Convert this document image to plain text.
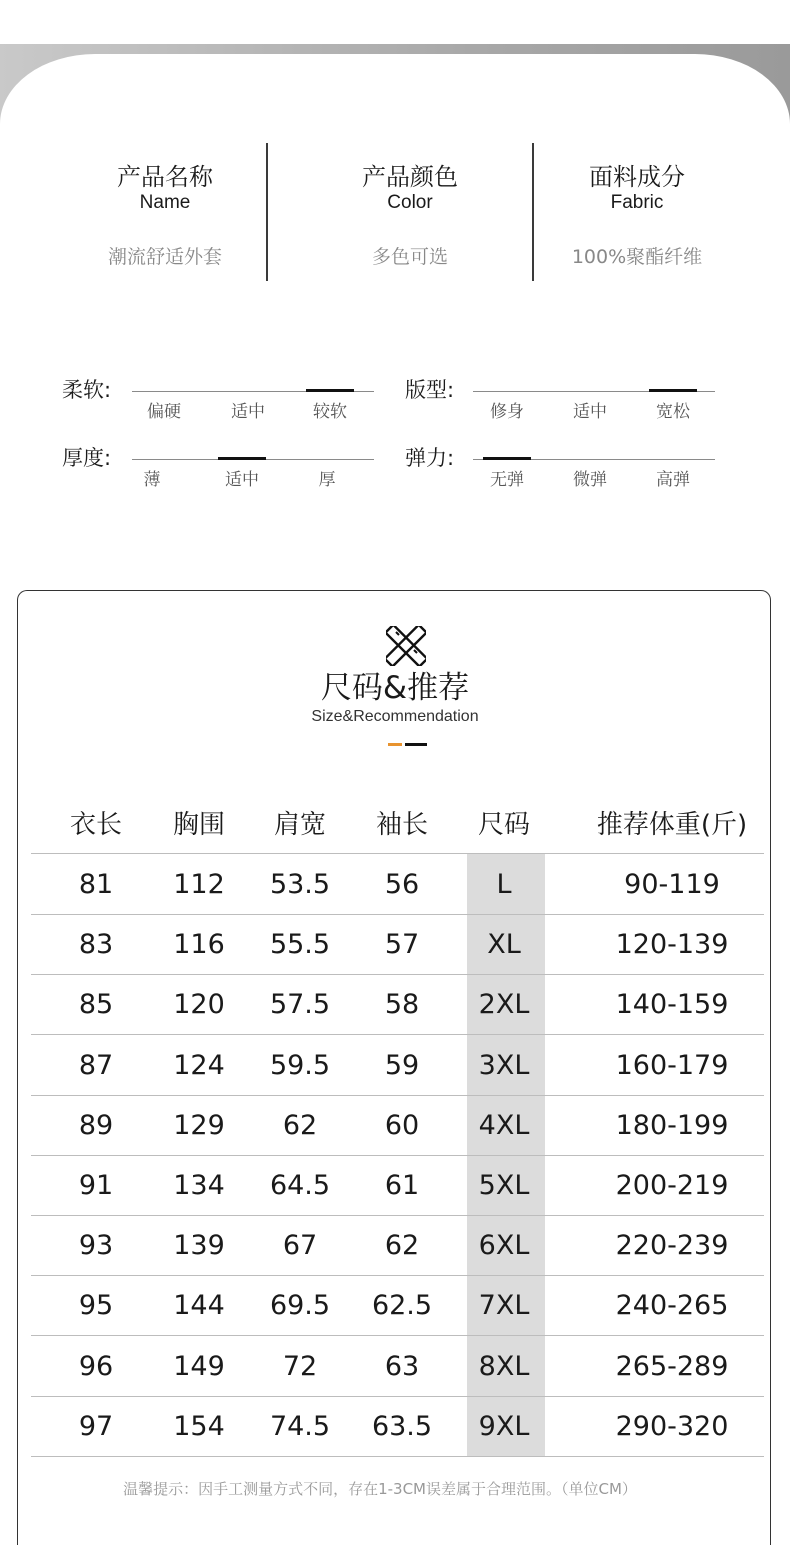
产品名称
Name
潮流舒适外套
产品颜色
Color
多色可选
面料成分
Fabric
100%聚酯纤维
柔软:
偏硬	适中	较软
版型:
修身	适中	宽松
厚度:
薄	适中	厚
弹力:
无弹	微弹	高弹
尺码&推荐
Size&Recommendation
衣长	胸围	肩宽	袖长	尺码	推荐体重(斤)
81	112	53.5	56	L	90-119
83	116	55.5	57	XL	120-139
85	120	57.5	58	2XL	140-159
87	124	59.5	59	3XL	160-179
89	129	62	60	4XL	180-199
91	134	64.5	61	5XL	200-219
93	139	67	62	6XL	220-239
95	144	69.5	62.5	7XL	240-265
96	149	72	63	8XL	265-289
97	154	74.5	63.5	9XL	290-320
温馨提示：因手工测量方式不同，存在1-3CM误差属于合理范围。（单位CM）
